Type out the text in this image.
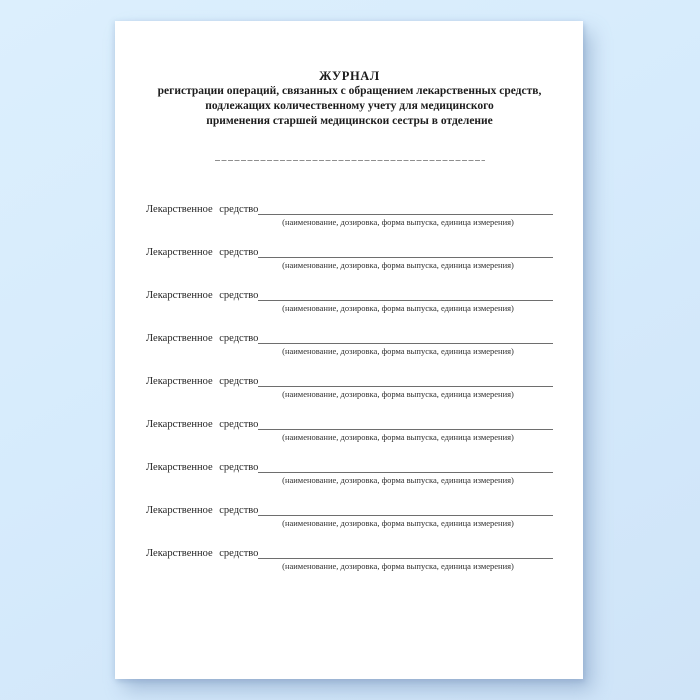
ЖУРНАЛ
регистрации операций, связанных с обращением лекарственных средств,
подлежащих количественному учету для медицинского
применения старшей медицинскои сестры в отделение
Лекарственное средство
(наименование, дозировка, форма выпуска, единица измерения)
Лекарственное средство
(наименование, дозировка, форма выпуска, единица измерения)
Лекарственное средство
(наименование, дозировка, форма выпуска, единица измерения)
Лекарственное средство
(наименование, дозировка, форма выпуска, единица измерения)
Лекарственное средство
(наименование, дозировка, форма выпуска, единица измерения)
Лекарственное средство
(наименование, дозировка, форма выпуска, единица измерения)
Лекарственное средство
(наименование, дозировка, форма выпуска, единица измерения)
Лекарственное средство
(наименование, дозировка, форма выпуска, единица измерения)
Лекарственное средство
(наименование, дозировка, форма выпуска, единица измерения)
